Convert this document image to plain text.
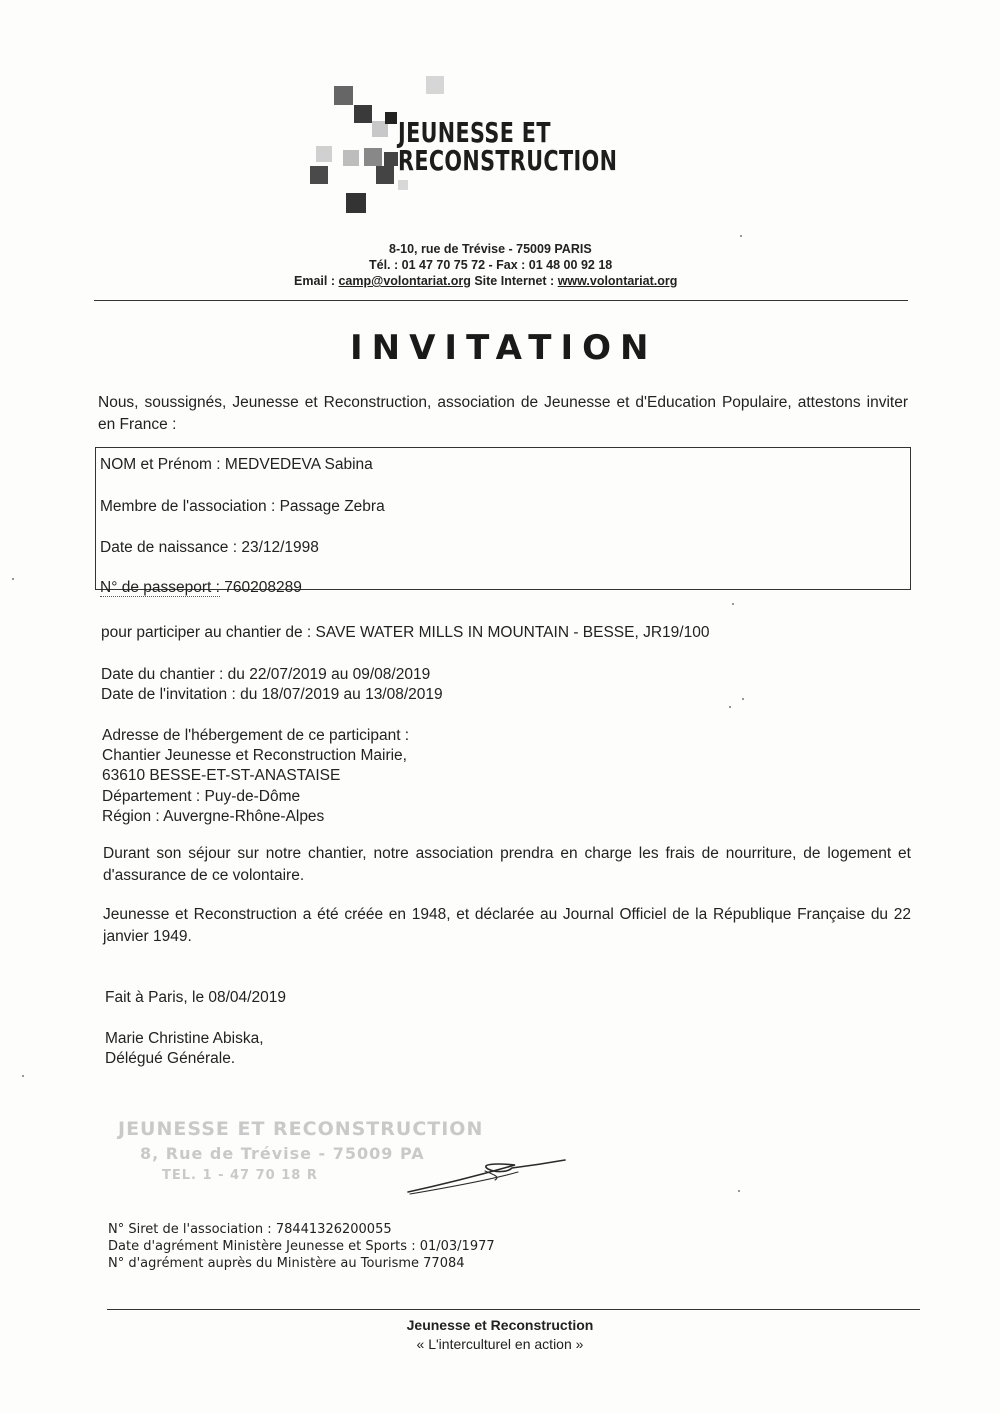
JEUNESSE ET
RECONSTRUCTION
8-10, rue de Trévise - 75009 PARIS
Tél. : 01 47 70 75 72 - Fax : 01 48 00 92 18
Email : camp@volontariat.org Site Internet : www.volontariat.org
INVITATION
Nous, soussignés, Jeunesse et Reconstruction, association de Jeunesse et d'Education Populaire, attestons inviter en France :
NOM et Prénom : MEDVEDEVA Sabina
Membre de l'association : Passage Zebra
Date de naissance : 23/12/1998
N° de passeport : 760208289
pour participer au chantier de : SAVE WATER MILLS IN MOUNTAIN - BESSE, JR19/100
Date du chantier : du 22/07/2019 au 09/08/2019
Date de l'invitation : du 18/07/2019 au 13/08/2019
Adresse de l'hébergement de ce participant :
Chantier Jeunesse et Reconstruction Mairie,
63610 BESSE-ET-ST-ANASTAISE
Département : Puy-de-Dôme
Région : Auvergne-Rhône-Alpes
Durant son séjour sur notre chantier, notre association prendra en charge les frais de nourriture, de logement et d'assurance de ce volontaire.
Jeunesse et Reconstruction a été créée en 1948, et déclarée au Journal Officiel de la République Française du 22 janvier 1949.
Fait à Paris, le 08/04/2019
Marie Christine Abiska,
Délégué Générale.
JEUNESSE ET RECONSTRUCTION
8, Rue de Trévise - 75009 PA
TEL. 1 - 47 70 18 R
N° Siret de l'association : 78441326200055
Date d'agrément Ministère Jeunesse et Sports : 01/03/1977
N° d'agrément auprès du Ministère au Tourisme 77084
Jeunesse et Reconstruction
« L'interculturel en action »
